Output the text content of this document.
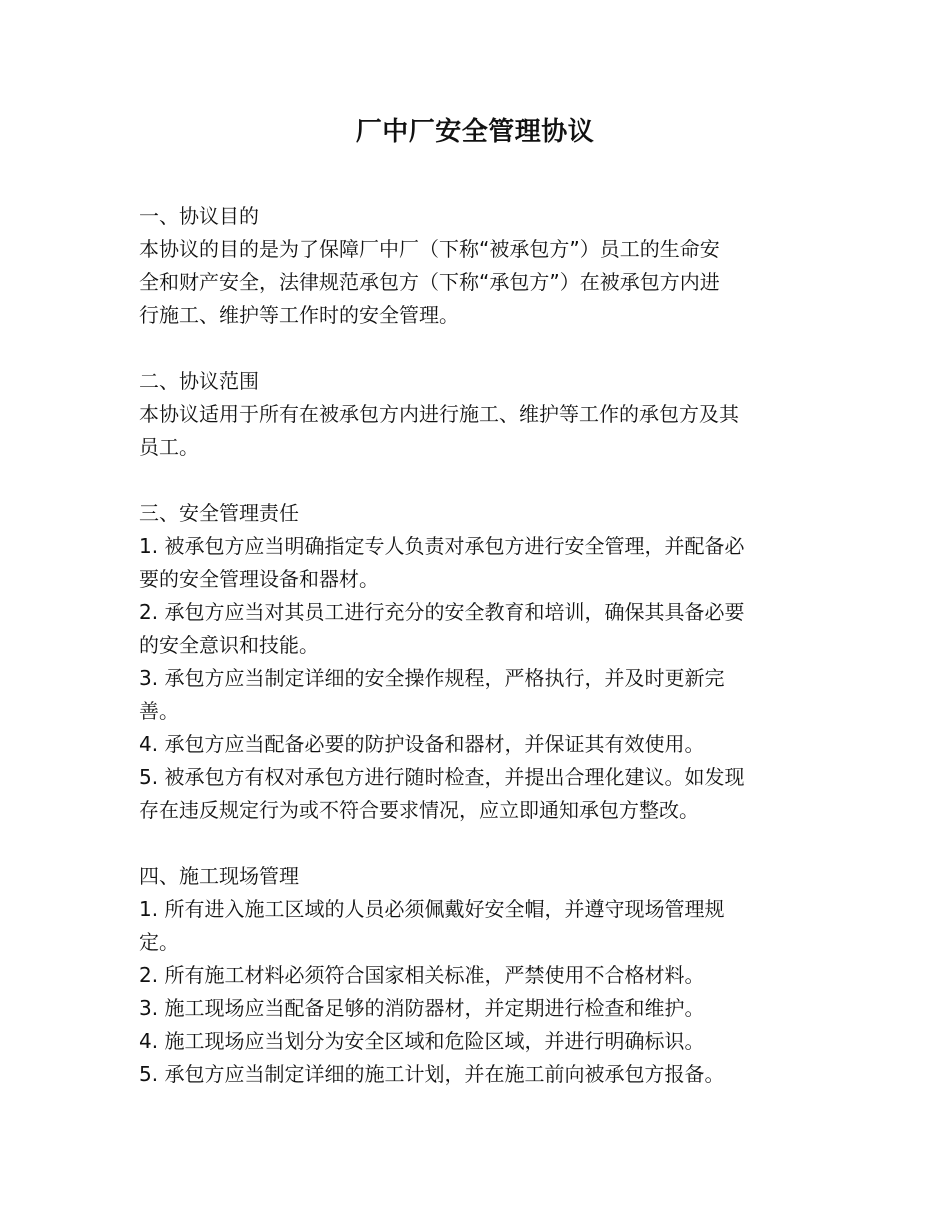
厂中厂安全管理协议
一、协议目的
本协议的目的是为了保障厂中厂（下称“被承包方”）员工的生命安
全和财产安全，法律规范承包方（下称“承包方”）在被承包方内进
行施工、维护等工作时的安全管理。
二、协议范围
本协议适用于所有在被承包方内进行施工、维护等工作的承包方及其
员工。
三、安全管理责任
1. 被承包方应当明确指定专人负责对承包方进行安全管理，并配备必
要的安全管理设备和器材。
2. 承包方应当对其员工进行充分的安全教育和培训，确保其具备必要
的安全意识和技能。
3. 承包方应当制定详细的安全操作规程，严格执行，并及时更新完
善。
4. 承包方应当配备必要的防护设备和器材，并保证其有效使用。
5. 被承包方有权对承包方进行随时检查，并提出合理化建议。如发现
存在违反规定行为或不符合要求情况，应立即通知承包方整改。
四、施工现场管理
1. 所有进入施工区域的人员必须佩戴好安全帽，并遵守现场管理规
定。
2. 所有施工材料必须符合国家相关标准，严禁使用不合格材料。
3. 施工现场应当配备足够的消防器材，并定期进行检查和维护。
4. 施工现场应当划分为安全区域和危险区域，并进行明确标识。
5. 承包方应当制定详细的施工计划，并在施工前向被承包方报备。
